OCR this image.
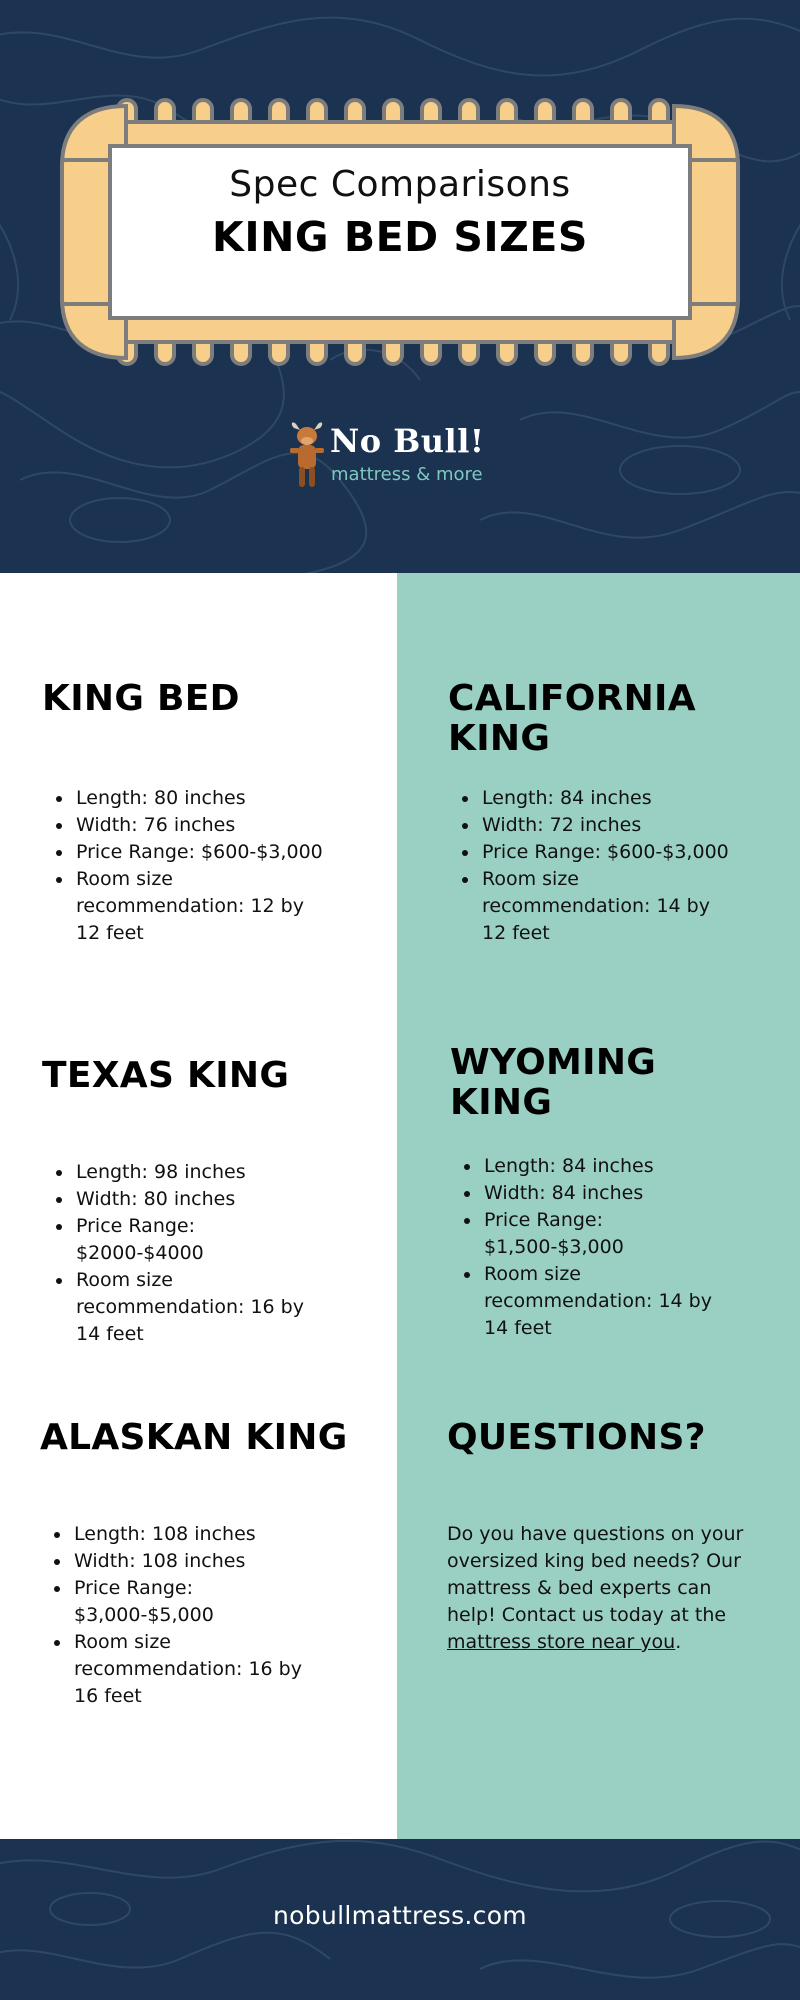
Spec Comparisons
KING BED SIZES
No Bull!
mattress & more
KING BED
Length: 80 inches
Width: 76 inches
Price Range: $600-$3,000
Room size recommendation: 12 by 12 feet
TEXAS KING
Length: 98 inches
Width: 80 inches
Price Range: $2000-$4000
Room size recommendation: 16 by 14 feet
ALASKAN KING
Length: 108 inches
Width: 108 inches
Price Range: $3,000-$5,000
Room size recommendation: 16 by 16 feet
CALIFORNIA KING
Length: 84 inches
Width: 72 inches
Price Range: $600-$3,000
Room size recommendation: 14 by 12 feet
WYOMING KING
Length: 84 inches
Width: 84 inches
Price Range: $1,500-$3,000
Room size recommendation: 14 by 14 feet
QUESTIONS?

Do you have questions on your oversized king bed needs? Our mattress & bed experts can help! Contact us today at the mattress store near you.

nobullmattress.com
